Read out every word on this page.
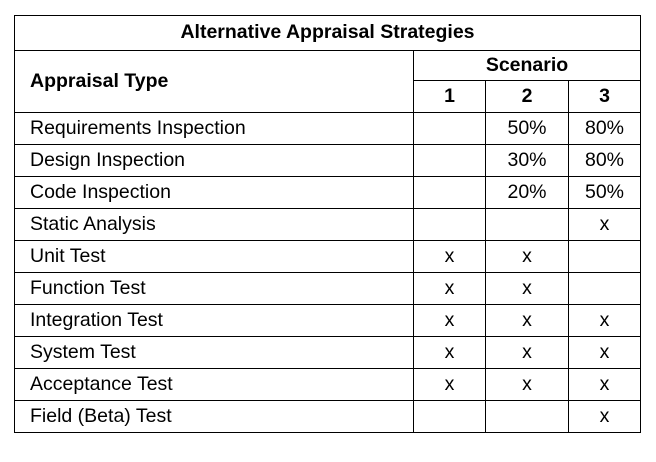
Alternative Appraisal Strategies			
Appraisal Type	Scenario		
	1	2	3
Requirements Inspection		50%	80%
Design Inspection		30%	80%
Code Inspection		20%	50%
Static Analysis			x
Unit Test	x	x	
Function Test	x	x	
Integration Test	x	x	x
System Test	x	x	x
Acceptance Test	x	x	x
Field (Beta) Test			x
